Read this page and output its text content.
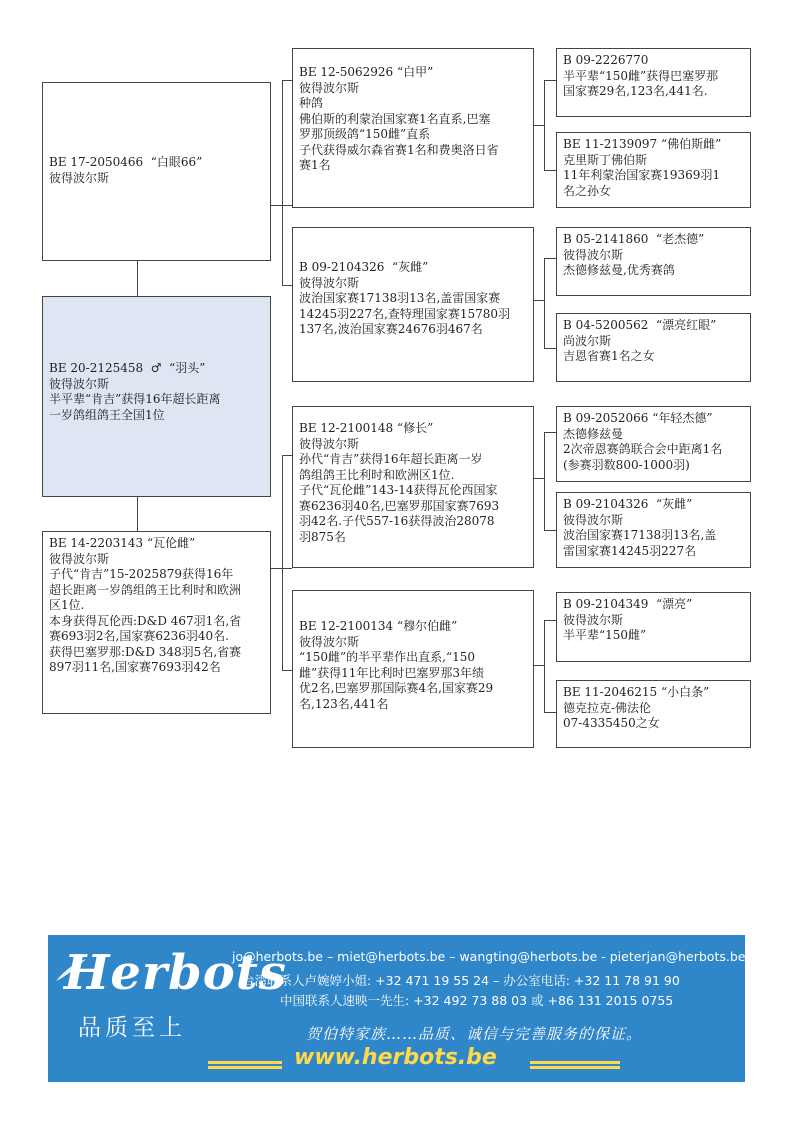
BE 17-2050466  “白眼66”
彼得波尔斯
BE 20-2125458  ♂  “羽头”
彼得波尔斯
半平辈“肯吉”获得16年超长距离
一岁鸽组鸽王全国1位
BE 14-2203143 “瓦伦雌”
彼得波尔斯
子代“肯吉”15-2025879获得16年
超长距离一岁鸽组鸽王比利时和欧洲
区1位.
本身获得瓦伦西:D&D 467羽1名,省
赛693羽2名,国家赛6236羽40名.
获得巴塞罗那:D&D 348羽5名,省赛
897羽11名,国家赛7693羽42名
BE 12-5062926 “白甲”
彼得波尔斯
种鸽
佛伯斯的利蒙治国家赛1名直系,巴塞
罗那顶级鸽“150雌”直系
子代获得威尔森省赛1名和费奥洛日省
赛1名
B 09-2104326  “灰雌”
彼得波尔斯
波治国家赛17138羽13名,盖雷国家赛
14245羽227名,查特理国家赛15780羽
137名,波治国家赛24676羽467名
BE 12-2100148 “修长”
彼得波尔斯
孙代“肯吉”获得16年超长距离一岁
鸽组鸽王比利时和欧洲区1位.
子代“瓦伦雌”143-14获得瓦伦西国家
赛6236羽40名,巴塞罗那国家赛7693
羽42名.子代557-16获得波治28078
羽875名
BE 12-2100134 “穆尔伯雌”
彼得波尔斯
“150雌”的半平辈作出直系,“150
雌”获得11年比利时巴塞罗那3年绩
优2名,巴塞罗那国际赛4名,国家赛29
名,123名,441名
B 09-2226770
半平辈“150雌”获得巴塞罗那
国家赛29名,123名,441名.
BE 11-2139097 “佛伯斯雌”
克里斯丁佛伯斯
11年利蒙治国家赛19369羽1
名之孙女
B 05-2141860  “老杰德”
彼得波尔斯
杰德修兹曼,优秀赛鸽
B 04-5200562  “漂亮红眼”
尚波尔斯
吉恩省赛1名之女
B 09-2052066 “年轻杰德”
杰德修兹曼
2次帝恩赛鸽联合会中距离1名
(参赛羽数800-1000羽)
B 09-2104326  “灰雌”
彼得波尔斯
波治国家赛17138羽13名,盖
雷国家赛14245羽227名
B 09-2104349  “漂亮”
彼得波尔斯
半平辈“150雌”
BE 11-2046215 “小白条”
德克拉克-佛法伦
07-4335450之女
Herbots
品质至上
jo@herbots.be – miet@herbots.be – wangting@herbots.be - pieterjan@herbots.be
台湾联系人卢婉婷小姐: +32 471 19 55 24 – 办公室电话: +32 11 78 91 90
中国联系人速映一先生: +32 492 73 88 03 或 +86 131 2015 0755
贺伯特家族……品质、诚信与完善服务的保证。
www.herbots.be
